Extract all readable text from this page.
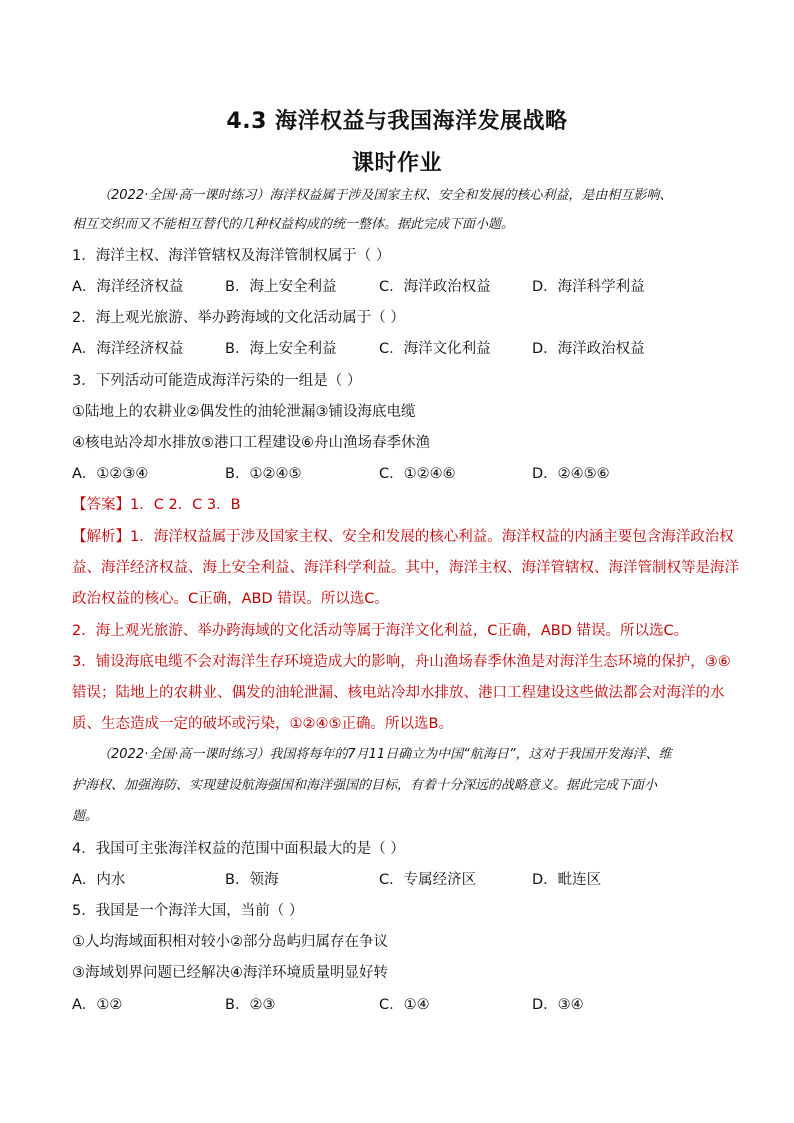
4.3 海洋权益与我国海洋发展战略
课时作业
（2022·全国·高一课时练习）海洋权益属于涉及国家主权、安全和发展的核心利益，是由相互影响、
相互交织而又不能相互替代的几种权益构成的统一整体。据此完成下面小题。
1．海洋主权、海洋管辖权及海洋管制权属于（ ）
A．海洋经济权益	B．海上安全利益	C．海洋政治权益	D．海洋科学利益
2．海上观光旅游、举办跨海域的文化活动属于（ ）
A．海洋经济权益	B．海上安全利益	C．海洋文化利益	D．海洋政治权益
3．下列活动可能造成海洋污染的一组是（ ）
①陆地上的农耕业②偶发性的油轮泄漏③铺设海底电缆
④核电站冷却水排放⑤港口工程建设⑥舟山渔场春季休渔
A．①②③④	B．①②④⑤	C．①②④⑥	D．②④⑤⑥
【答案】1．C 2．C 3．B
【解析】1．海洋权益属于涉及国家主权、安全和发展的核心利益。海洋权益的内涵主要包含海洋政治权
益、海洋经济权益、海上安全利益、海洋科学利益。其中，海洋主权、海洋管辖权、海洋管制权等是海洋
政治权益的核心。C正确，ABD 错误。所以选C。
2．海上观光旅游、举办跨海域的文化活动等属于海洋文化利益，C正确，ABD 错误。所以选C。
3．铺设海底电缆不会对海洋生存环境造成大的影响，舟山渔场春季休渔是对海洋生态环境的保护，③⑥
错误；陆地上的农耕业、偶发的油轮泄漏、核电站冷却水排放、港口工程建设这些做法都会对海洋的水
质、生态造成一定的破坏或污染，①②④⑤正确。所以选B。
（2022·全国·高一课时练习）我国将每年的7月11日确立为中国“航海日”，这对于我国开发海洋、维
护海权、加强海防、实现建设航海强国和海洋强国的目标，有着十分深远的战略意义。据此完成下面小
题。
4．我国可主张海洋权益的范围中面积最大的是（ ）
A．内水	B．领海	C．专属经济区	D．毗连区
5．我国是一个海洋大国，当前（ ）
①人均海域面积相对较小②部分岛屿归属存在争议
③海域划界问题已经解决④海洋环境质量明显好转
A．①②	B．②③	C．①④	D．③④
